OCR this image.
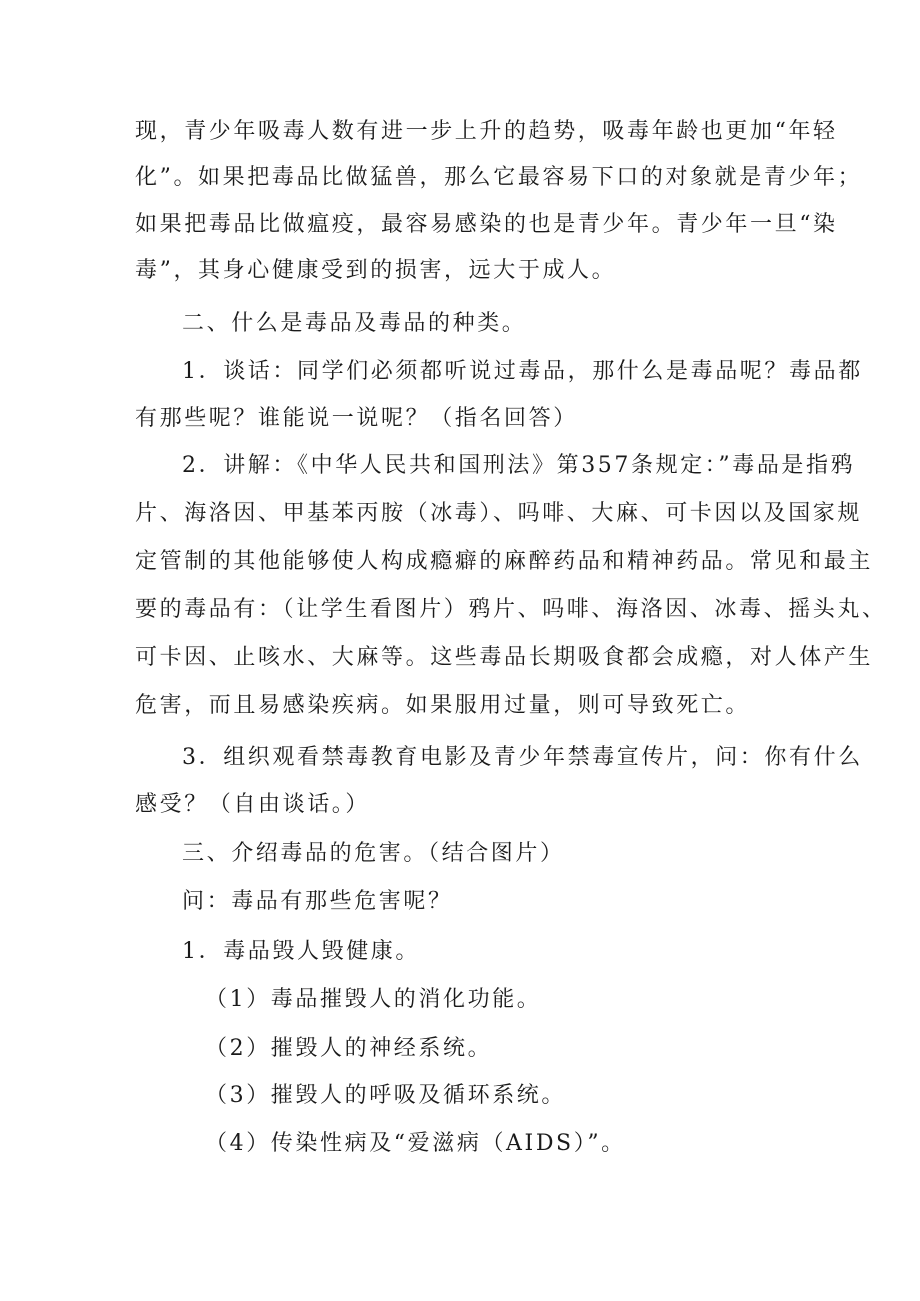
现，青少年吸毒人数有进一步上升的趋势，吸毒年龄也更加“年轻
化”。如果把毒品比做猛兽，那么它最容易下口的对象就是青少年；
如果把毒品比做瘟疫，最容易感染的也是青少年。青少年一旦“染
毒”，其身心健康受到的损害，远大于成人。
二、什么是毒品及毒品的种类。
1．谈话：同学们必须都听说过毒品，那什么是毒品呢？毒品都
有那些呢？谁能说一说呢？（指名回答）
2．讲解：《中华人民共和国刑法》第357条规定：”毒品是指鸦
片、海洛因、甲基苯丙胺（冰毒）、吗啡、大麻、可卡因以及国家规
定管制的其他能够使人构成瘾癖的麻醉药品和精神药品。常见和最主
要的毒品有：（让学生看图片）鸦片、吗啡、海洛因、冰毒、摇头丸、
可卡因、止咳水、大麻等。这些毒品长期吸食都会成瘾，对人体产生
危害，而且易感染疾病。如果服用过量，则可导致死亡。
3．组织观看禁毒教育电影及青少年禁毒宣传片，问：你有什么
感受？（自由谈话。）
三、介绍毒品的危害。（结合图片）
问：毒品有那些危害呢？
1．毒品毁人毁健康。
（1）毒品摧毁人的消化功能。
（2）摧毁人的神经系统。
（3）摧毁人的呼吸及循环系统。
（4）传染性病及“爱滋病（AIDS）”。
